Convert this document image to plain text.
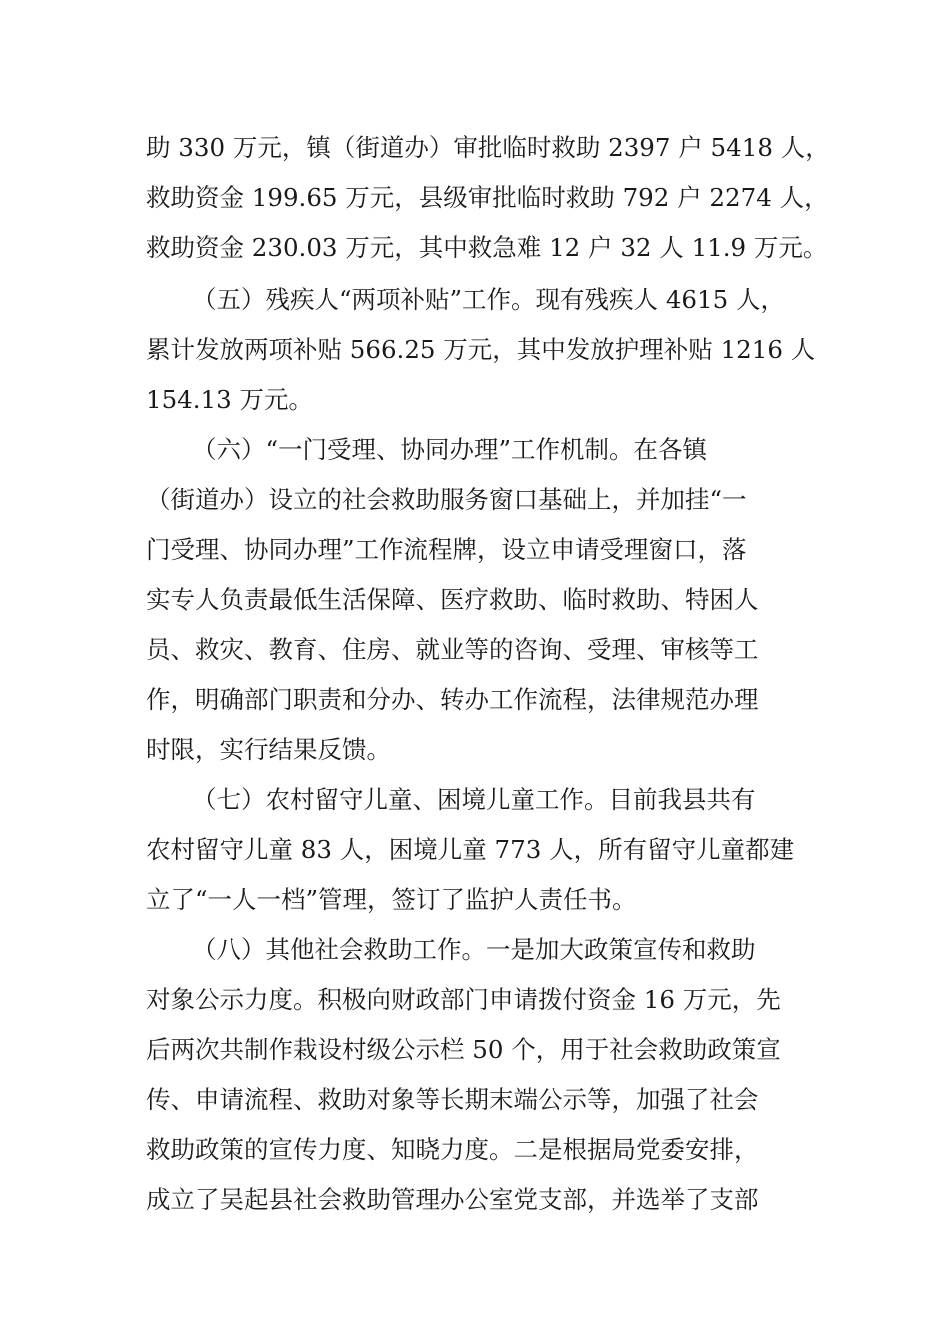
助 330 万元，镇（街道办）审批临时救助 2397 户 5418 人，
救助资金 199.65 万元，县级审批临时救助 792 户 2274 人，
救助资金 230.03 万元，其中救急难 12 户 32 人 11.9 万元。
（五）残疾人“两项补贴”工作。现有残疾人 4615 人，
累计发放两项补贴 566.25 万元，其中发放护理补贴 1216 人
154.13 万元。
（六）“一门受理、协同办理”工作机制。在各镇
（街道办）设立的社会救助服务窗口基础上，并加挂“一
门受理、协同办理”工作流程牌，设立申请受理窗口，落
实专人负责最低生活保障、医疗救助、临时救助、特困人
员、救灾、教育、住房、就业等的咨询、受理、审核等工
作，明确部门职责和分办、转办工作流程，法律规范办理
时限，实行结果反馈。
（七）农村留守儿童、困境儿童工作。目前我县共有
农村留守儿童 83 人，困境儿童 773 人，所有留守儿童都建
立了“一人一档”管理，签订了监护人责任书。
（八）其他社会救助工作。一是加大政策宣传和救助
对象公示力度。积极向财政部门申请拨付资金 16 万元，先
后两次共制作栽设村级公示栏 50 个，用于社会救助政策宣
传、申请流程、救助对象等长期末端公示等，加强了社会
救助政策的宣传力度、知晓力度。二是根据局党委安排，
成立了吴起县社会救助管理办公室党支部，并选举了支部
